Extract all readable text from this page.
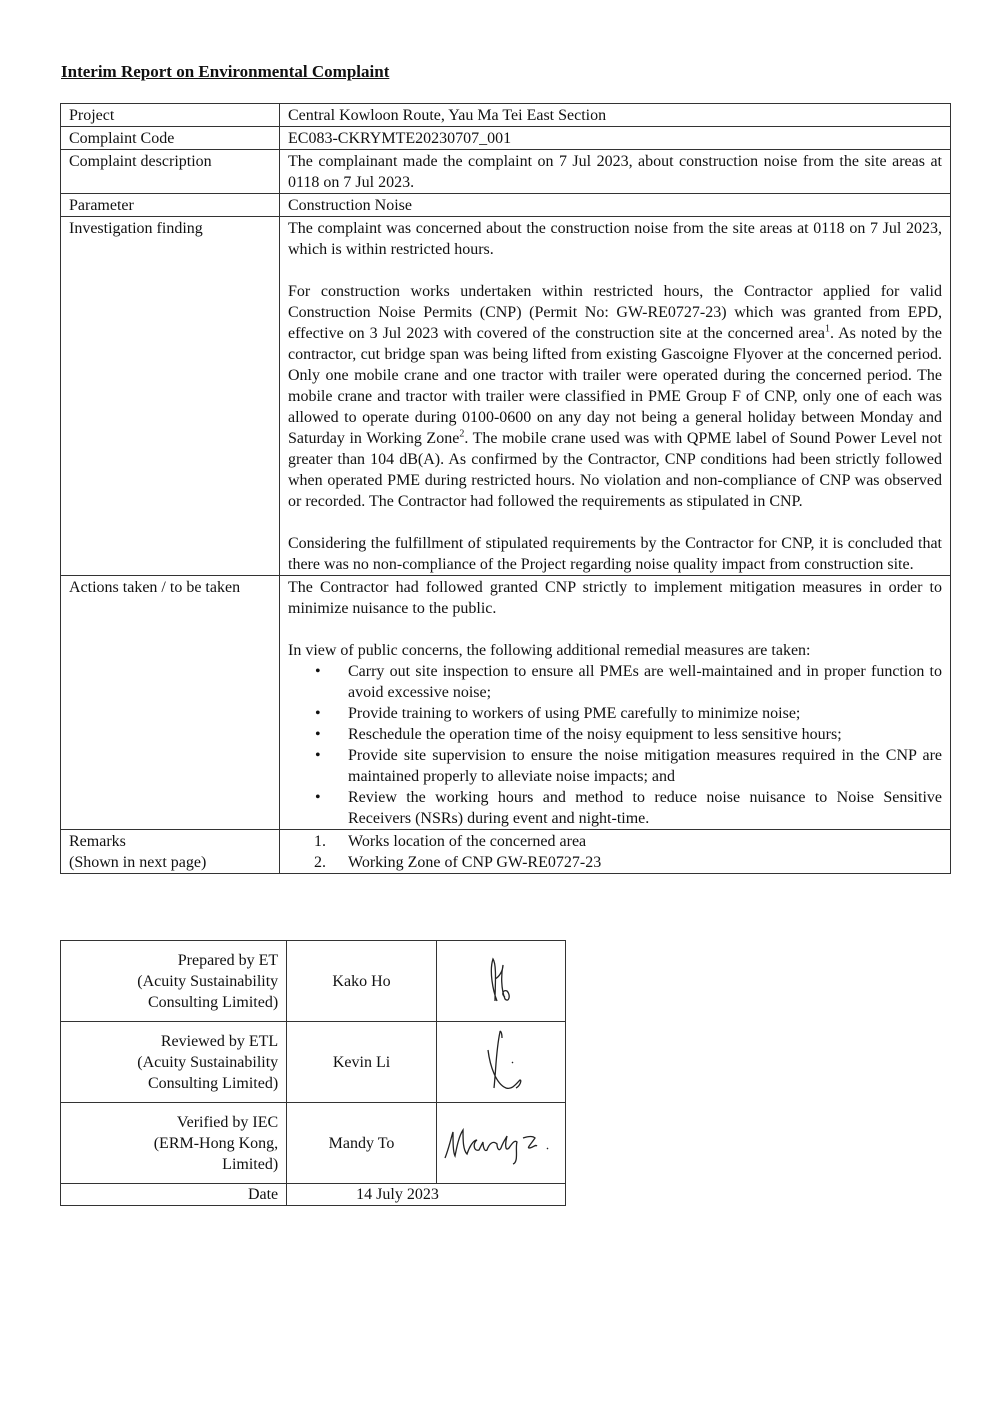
Interim Report on Environmental Complaint
Project	Central Kowloon Route, Yau Ma Tei East Section
Complaint Code	EC083-CKRYMTE20230707_001
Complaint description	The complainant made the complaint on 7 Jul 2023, about construction noise from the site areas at 0118 on 7 Jul 2023.
Parameter	Construction Noise
Investigation finding	The complaint was concerned about the construction noise from the site areas at 0118 on 7 Jul 2023, which is within restricted hours.

For construction works undertaken within restricted hours, the Contractor applied for valid Construction Noise Permits (CNP) (Permit No: GW-RE0727-23) which was granted from EPD, effective on 3 Jul 2023 with covered of the construction site at the concerned area$^1$. As noted by the contractor, cut bridge span was being lifted from existing Gascoigne Flyover at the concerned period. Only one mobile crane and one tractor with trailer were operated during the concerned period. The mobile crane and tractor with trailer were classified in PME Group F of CNP, only one of each was allowed to operate during 0100-0600 on any day not being a general holiday between Monday and Saturday in Working Zone$^2$. The mobile crane used was with QPME label of Sound Power Level not greater than 104 dB(A). As confirmed by the Contractor, CNP conditions had been strictly followed when operated PME during restricted hours. No violation and non-compliance of CNP was observed or recorded. The Contractor had followed the requirements as stipulated in CNP.

Considering the fulfillment of stipulated requirements by the Contractor for CNP, it is concluded that there was no non-compliance of the Project regarding noise quality impact from construction site.

Actions taken / to be taken	The Contractor had followed granted CNP strictly to implement mitigation measures in order to minimize nuisance to the public.

In view of public concerns, the following additional remedial measures are taken:

• Carry out site inspection to ensure all PMEs are well-maintained and in proper function to avoid excessive noise;
• Provide training to workers of using PME carefully to minimize noise;
• Reschedule the operation time of the noisy equipment to less sensitive hours;
• Provide site supervision to ensure the noise mitigation measures required in the CNP are maintained properly to alleviate noise impacts; and
• Review the working hours and method to reduce noise nuisance to Noise Sensitive Receivers (NSRs) during event and night-time.

Remarks
(Shown in next page)

1. Works location of the concerned area
2. Working Zone of CNP GW-RE0727-23
Prepared by ET
(Acuity Sustainability
Consulting Limited)	Kako Ho	

Reviewed by ETL
(Acuity Sustainability
Consulting Limited)	Kevin Li	

Verified by IEC
(ERM-Hong Kong,
Limited)	Mandy To	

Date	14 July 2023	
